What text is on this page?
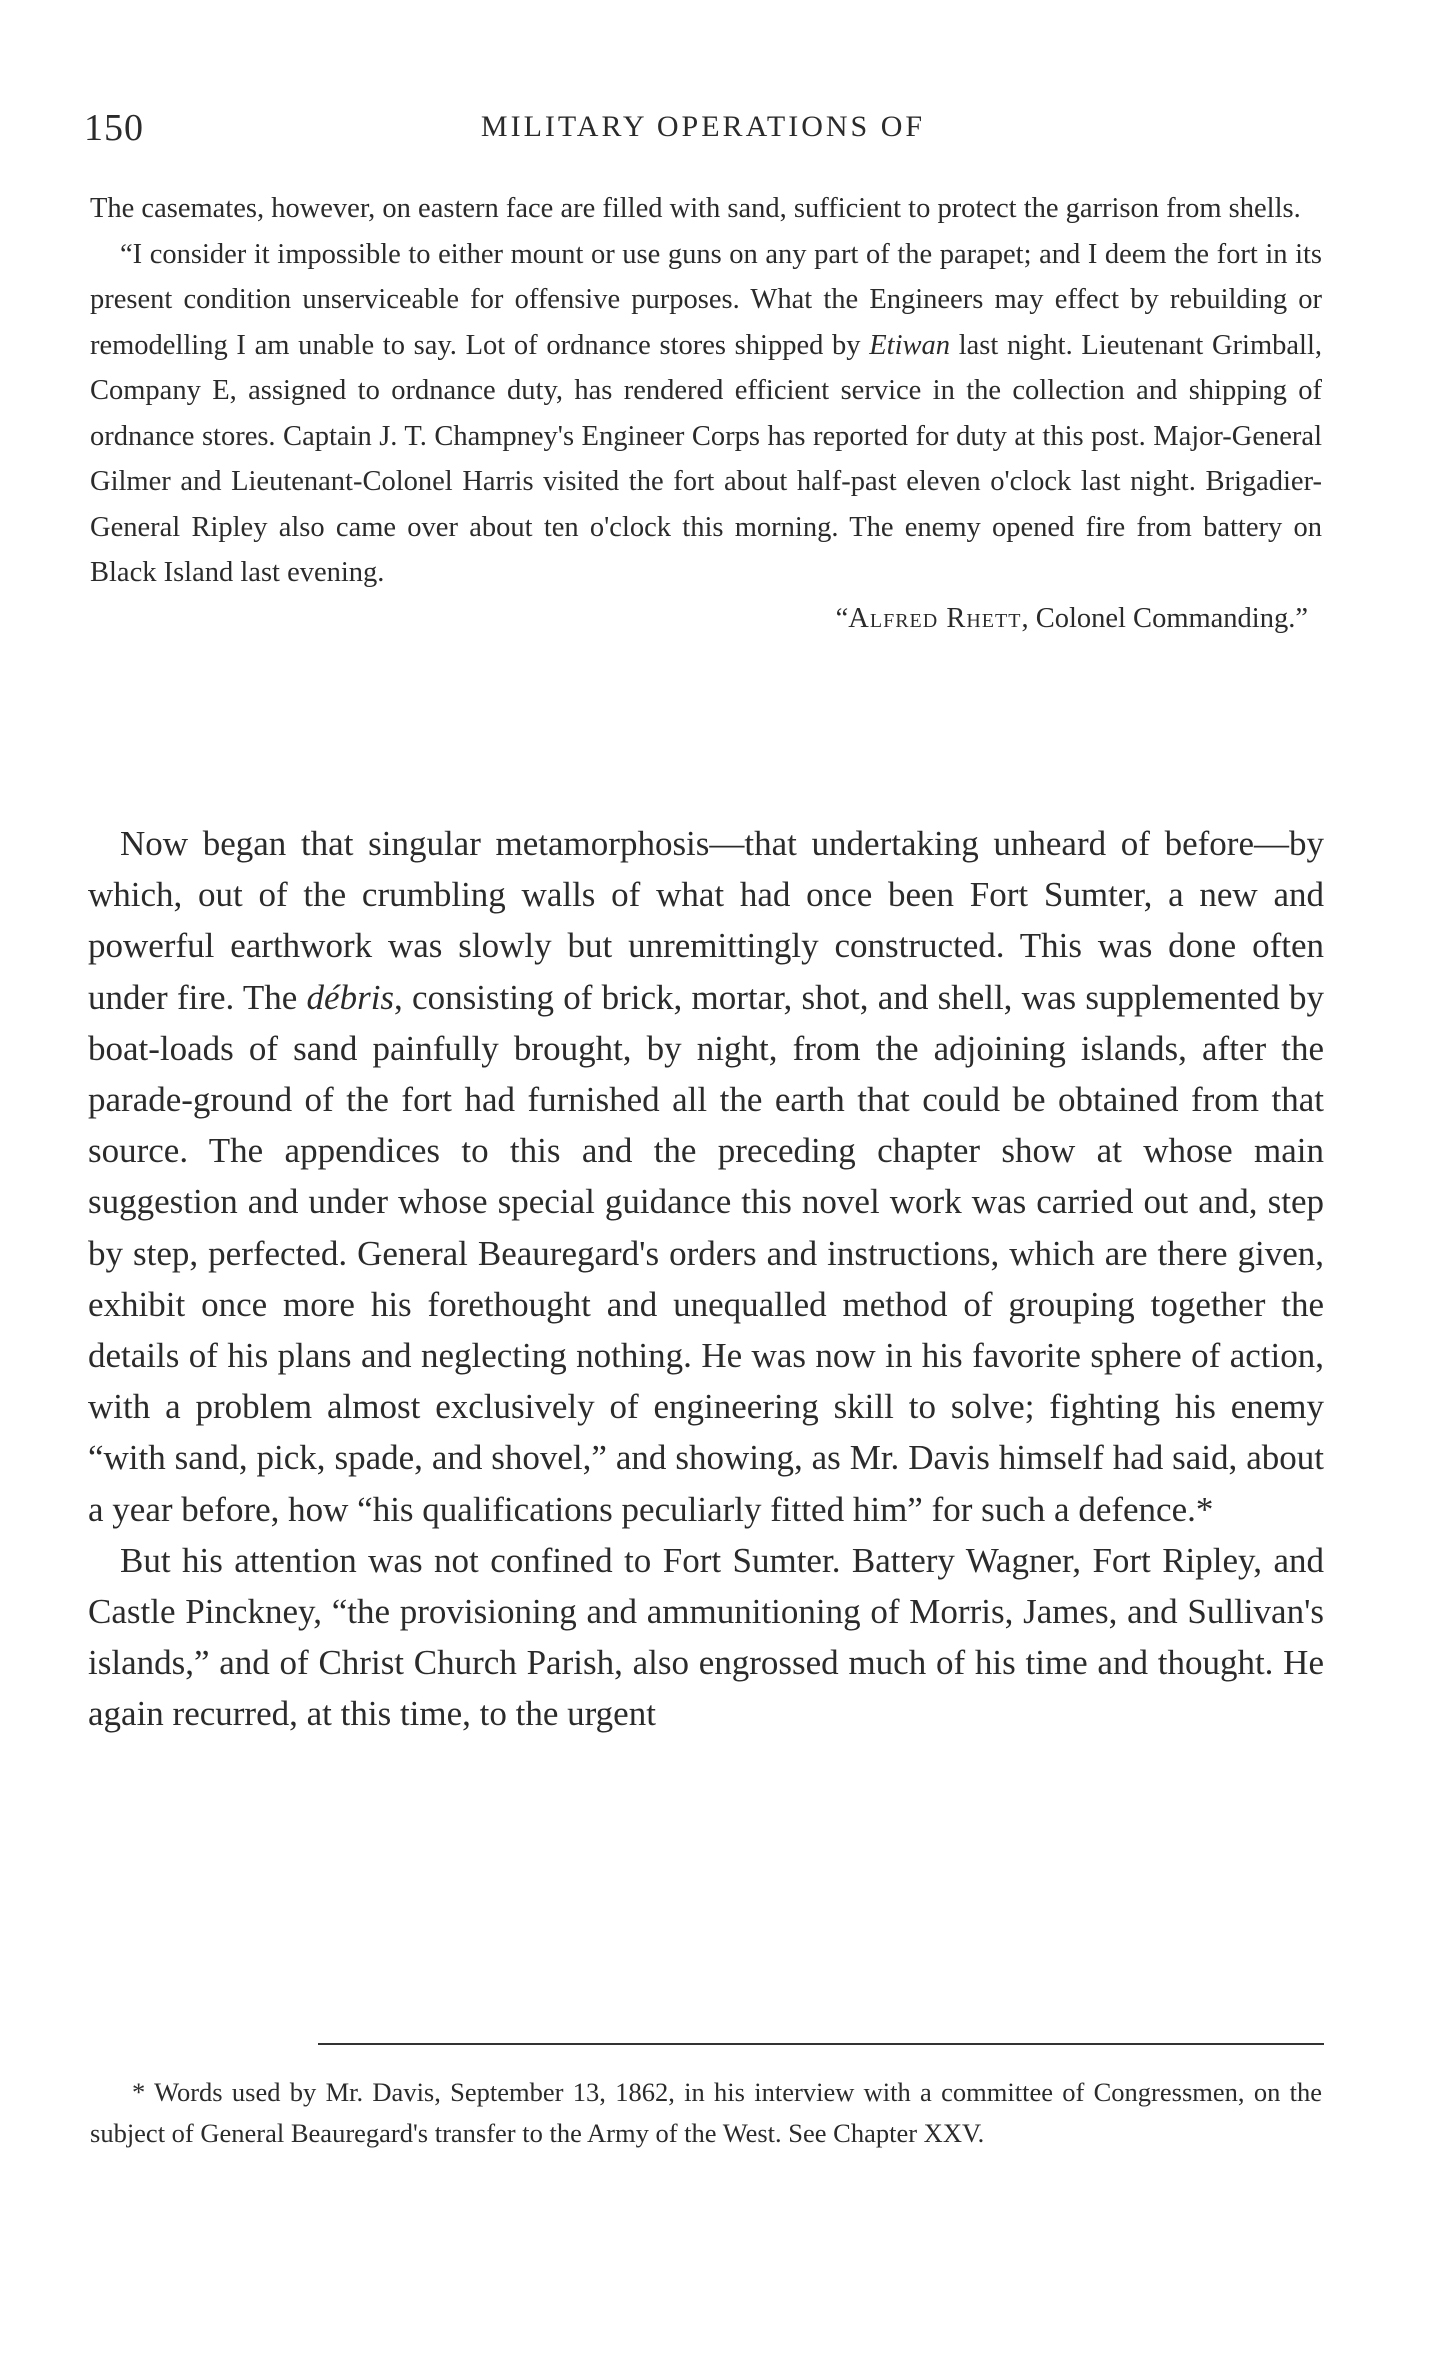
150	MILITARY OPERATIONS OF

The casemates, however, on eastern face are filled with sand, sufficient to protect the garrison from shells.

“I consider it impossible to either mount or use guns on any part of the parapet; and I deem the fort in its present condition unserviceable for offensive purposes. What the Engineers may effect by rebuilding or remodelling I am unable to say. Lot of ordnance stores shipped by Etiwan last night. Lieutenant Grimball, Company E, assigned to ordnance duty, has rendered efficient service in the collection and shipping of ordnance stores. Captain J. T. Champney's Engineer Corps has reported for duty at this post. Major-General Gilmer and Lieutenant-Colonel Harris visited the fort about half-past eleven o'clock last night. Brigadier-General Ripley also came over about ten o'clock this morning. The enemy opened fire from battery on Black Island last evening.

“Alfred Rhett, Colonel Commanding.”

Now began that singular metamorphosis—that undertaking unheard of before—by which, out of the crumbling walls of what had once been Fort Sumter, a new and powerful earthwork was slowly but unremittingly constructed. This was done often under fire. The débris, consisting of brick, mortar, shot, and shell, was supplemented by boat-loads of sand painfully brought, by night, from the adjoining islands, after the parade-ground of the fort had furnished all the earth that could be obtained from that source. The appendices to this and the preceding chapter show at whose main suggestion and under whose special guidance this novel work was carried out and, step by step, perfected. General Beauregard's orders and instructions, which are there given, exhibit once more his forethought and unequalled method of grouping together the details of his plans and neglecting nothing. He was now in his favorite sphere of action, with a problem almost exclusively of engineering skill to solve; fighting his enemy “with sand, pick, spade, and shovel,” and showing, as Mr. Davis himself had said, about a year before, how “his qualifications peculiarly fitted him” for such a defence.*

But his attention was not confined to Fort Sumter. Battery Wagner, Fort Ripley, and Castle Pinckney, “the provisioning and ammunitioning of Morris, James, and Sullivan's islands,” and of Christ Church Parish, also engrossed much of his time and thought. He again recurred, at this time, to the urgent

* Words used by Mr. Davis, September 13, 1862, in his interview with a committee of Congressmen, on the subject of General Beauregard's transfer to the Army of the West. See Chapter XXV.
